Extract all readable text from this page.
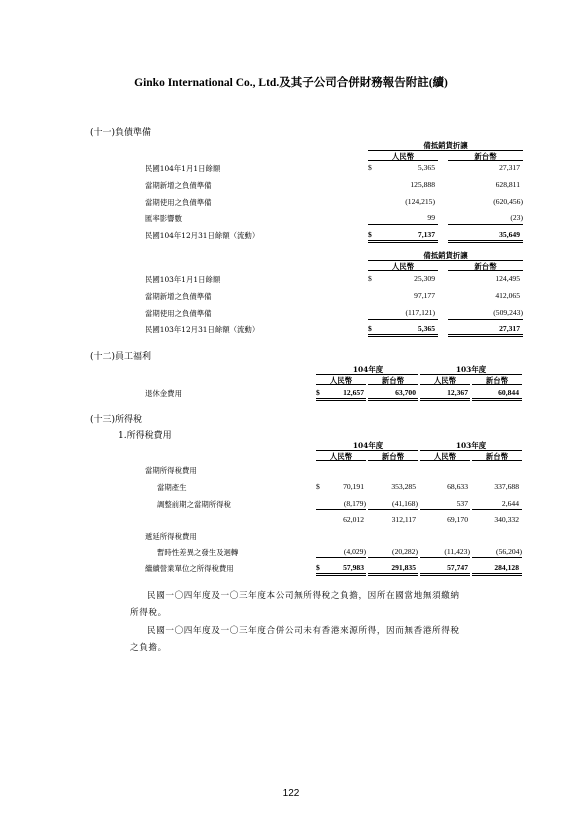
Ginko International Co., Ltd.及其子公司合併財務報告附註(續)
(十一)負債準備
備抵銷貨折讓
人民幣	新台幣
民國104年1月1日餘額	$	5,365	27,317
當期新增之負債準備	125,888	628,811
當期使用之負債準備	(124,215)	(620,456)
匯率影響數	99	(23)
民國104年12月31日餘額（流動）	$	7,137	35,649
備抵銷貨折讓
人民幣	新台幣
民國103年1月1日餘額	$	25,309	124,495
當期新增之負債準備	97,177	412,065
當期使用之負債準備	(117,121)	(509,243)
民國103年12月31日餘額（流動）	$	5,365	27,317
(十二)員工福利
104年度	103年度
人民幣	新台幣	人民幣	新台幣
退休金費用	$	12,657	63,700	12,367	60,844
(十三)所得稅
1.所得稅費用
104年度	103年度
人民幣	新台幣	人民幣	新台幣
當期所得稅費用
當期產生	$	70,191	353,285	68,633	337,688
調整前期之當期所得稅	(8,179)	(41,168)	537	2,644
62,012	312,117	69,170	340,332
遞延所得稅費用
暫時性差異之發生及迴轉	(4,029)	(20,282)	(11,423)	(56,204)
繼續營業單位之所得稅費用	$	57,983	291,835	57,747	284,128
民國一〇四年度及一〇三年度本公司無所得稅之負擔，因所在國當地無須繳納
所得稅。
民國一〇四年度及一〇三年度合併公司未有香港來源所得，因而無香港所得稅
之負擔。
122
